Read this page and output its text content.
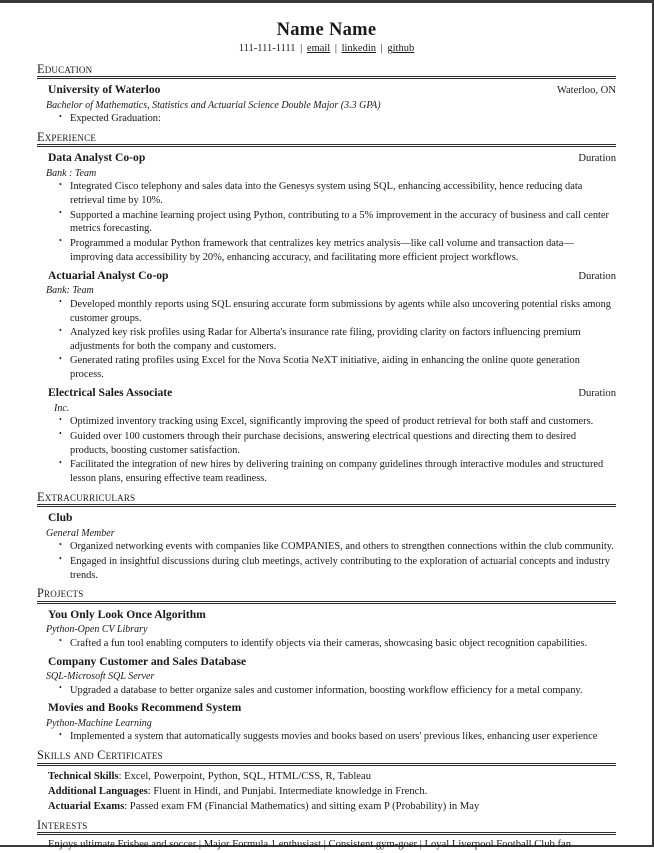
Name Name
111-111-1111 | email | linkedin | github
Education
University of Waterloo	Waterloo, ON
Bachelor of Mathematics, Statistics and Actuarial Science Double Major (3.3 GPA)
• Expected Graduation:
Experience
Data Analyst Co-op	Duration
Bank : Team
• Integrated Cisco telephony and sales data into the Genesys system using SQL, enhancing accessibility, hence reducing data retrieval time by 10%.
• Supported a machine learning project using Python, contributing to a 5% improvement in the accuracy of business and call center metrics forecasting.
• Programmed a modular Python framework that centralizes key metrics analysis—like call volume and transaction data—improving data accessibility by 20%, enhancing accuracy, and facilitating more efficient project workflows.
Actuarial Analyst Co-op	Duration
Bank: Team
• Developed monthly reports using SQL ensuring accurate form submissions by agents while also uncovering potential risks among customer groups.
• Analyzed key risk profiles using Radar for Alberta's insurance rate filing, providing clarity on factors influencing premium adjustments for both the company and customers.
• Generated rating profiles using Excel for the Nova Scotia NeXT initiative, aiding in enhancing the online quote generation process.
Electrical Sales Associate	Duration
Inc.
• Optimized inventory tracking using Excel, significantly improving the speed of product retrieval for both staff and customers.
• Guided over 100 customers through their purchase decisions, answering electrical questions and directing them to desired products, boosting customer satisfaction.
• Facilitated the integration of new hires by delivering training on company guidelines through interactive modules and structured lesson plans, ensuring effective team readiness.
Extracurriculars
Club
General Member
• Organized networking events with companies like COMPANIES, and others to strengthen connections within the club community.
• Engaged in insightful discussions during club meetings, actively contributing to the exploration of actuarial concepts and industry trends.
Projects
You Only Look Once Algorithm
Python-Open CV Library
• Crafted a fun tool enabling computers to identify objects via their cameras, showcasing basic object recognition capabilities.
Company Customer and Sales Database
SQL-Microsoft SQL Server
• Upgraded a database to better organize sales and customer information, boosting workflow efficiency for a metal company.
Movies and Books Recommend System
Python-Machine Learning
• Implemented a system that automatically suggests movies and books based on users' previous likes, enhancing user experience
Skills and Certificates
Technical Skills: Excel, Powerpoint, Python, SQL, HTML/CSS, R, Tableau
Additional Languages: Fluent in Hindi, and Punjabi. Intermediate knowledge in French.
Actuarial Exams: Passed exam FM (Financial Mathematics) and sitting exam P (Probability) in May
Interests
Enjoys ultimate Frisbee and soccer | Major Formula 1 enthusiast | Consistent gym-goer | Loyal Liverpool Football Club fan
